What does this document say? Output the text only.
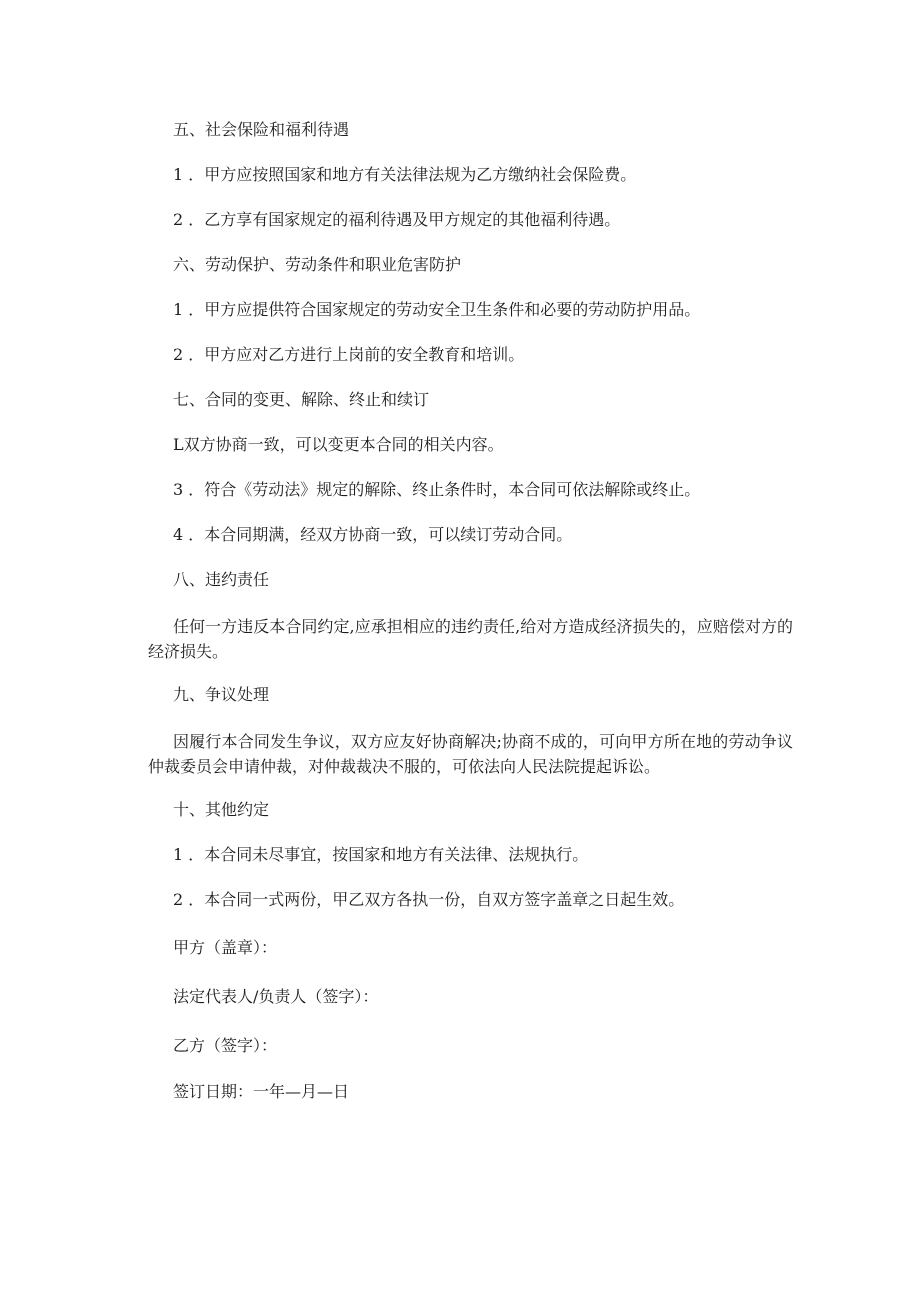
五、社会保险和福利待遇
1 ．甲方应按照国家和地方有关法律法规为乙方缴纳社会保险费。
2 ．乙方享有国家规定的福利待遇及甲方规定的其他福利待遇。
六、劳动保护、劳动条件和职业危害防护
1 ．甲方应提供符合国家规定的劳动安全卫生条件和必要的劳动防护用品。
2 ．甲方应对乙方进行上岗前的安全教育和培训。
七、合同的变更、解除、终止和续订
L双方协商一致，可以变更本合同的相关内容。
3 ．符合《劳动法》规定的解除、终止条件时，本合同可依法解除或终止。
4 ．本合同期满，经双方协商一致，可以续订劳动合同。
八、违约责任
任何一方违反本合同约定,应承担相应的违约责任,给对方造成经济损失的，应赔偿对方的经济损失。
九、争议处理
因履行本合同发生争议，双方应友好协商解决;协商不成的，可向甲方所在地的劳动争议仲裁委员会申请仲裁，对仲裁裁决不服的，可依法向人民法院提起诉讼。
十、其他约定
1 ．本合同未尽事宜，按国家和地方有关法律、法规执行。
2 ．本合同一式两份，甲乙双方各执一份，自双方签字盖章之日起生效。
甲方（盖章）：
法定代表人/负责人（签字）：
乙方（签字）：
签订日期：一年—月—日
